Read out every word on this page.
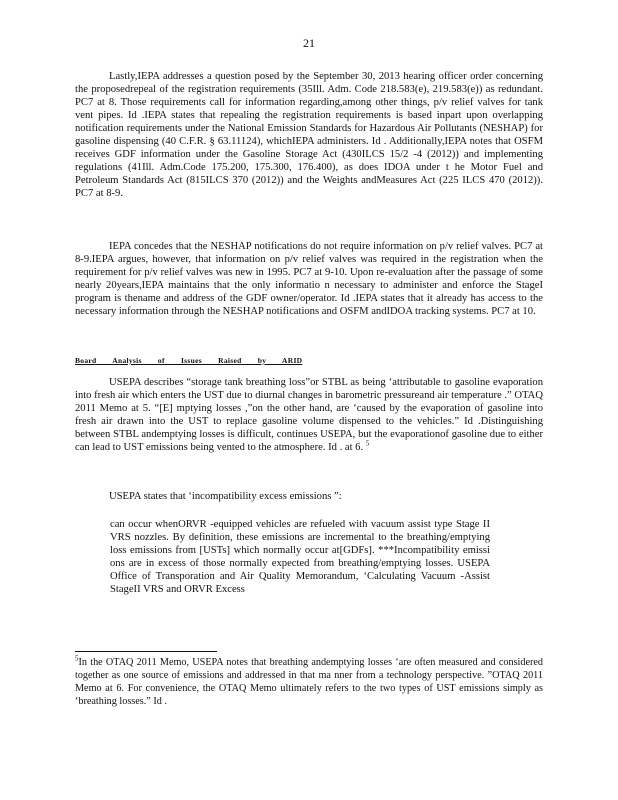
21

Lastly,IEPA addresses a question posed by the September 30, 2013 hearing officer order concerning the proposedrepeal of the registration requirements (35Ill. Adm. Code 218.583(e), 219.583(e)) as redundant. PC7 at 8. Those requirements call for information regarding,among other things, p/v relief valves for tank vent pipes. Id .IEPA states that repealing the registration requirements is based inpart upon overlapping notification requirements under the National Emission Standards for Hazardous Air Pollutants (NESHAP) for gasoline dispensing (40 C.F.R. § 63.11124), whichIEPA administers. Id . Additionally,IEPA notes that OSFM receives GDF information under the Gasoline Storage Act (430ILCS 15/2 -4 (2012)) and implementing regulations (41Ill. Adm.Code 175.200, 175.300, 176.400), as does IDOA under t he Motor Fuel and Petroleum Standards Act (815ILCS 370 (2012)) and the Weights andMeasures Act (225 ILCS 470 (2012)). PC7 at 8-9.

IEPA concedes that the NESHAP notifications do not require information on p/v relief valves. PC7 at 8-9.IEPA argues, however, that information on p/v relief valves was required in the registration when the requirement for p/v relief valves was new in 1995. PC7 at 9-10. Upon re-evaluation after the passage of some nearly 20years,IEPA maintains that the only informatio n necessary to administer and enforce the StageI program is thename and address of the GDF owner/operator. Id .IEPA states that it already has access to the necessary information through the NESHAP notifications and OSFM andIDOA tracking systems. PC7 at 10.

Board Analysis of Issues Raised by ARID

USEPA describes “storage tank breathing loss”or STBL as being ‘attributable to gasoline evaporation into fresh air which enters the UST due to diurnal changes in barometric pressureand air temperature .” OTAQ 2011 Memo at 5. “[E] mptying losses ,”on the other hand, are ‘caused by the evaporation of gasoline into fresh air drawn into the UST to replace gasoline volume dispensed to the vehicles.” Id .Distinguishing between STBL andemptying losses is difficult, continues USEPA, but the evaporationof gasoline due to either can lead to UST emissions being vented to the atmosphere. Id . at 6. $^5$

USEPA states that ‘incompatibility excess emissions ”:

can occur whenORVR -equipped vehicles are refueled with vacuum assist type Stage II VRS nozzles. By definition, these emissions are incremental to the breathing/emptying loss emissions from [USTs] which normally occur at[GDFs]. ***Incompatibility emissi ons are in excess of those normally expected from breathing/emptying losses. USEPA Office of Transporation and Air Quality Memorandum, ‘Calculating Vacuum -Assist StageII VRS and ORVR Excess

$^5$In the OTAQ 2011 Memo, USEPA notes that breathing andemptying losses ‘are often measured and considered together as one source of emissions and addressed in that ma nner from a technology perspective. ”OTAQ 2011 Memo at 6. For convenience, the OTAQ Memo ultimately refers to the two types of UST emissions simply as ‘breathing losses.” Id .
